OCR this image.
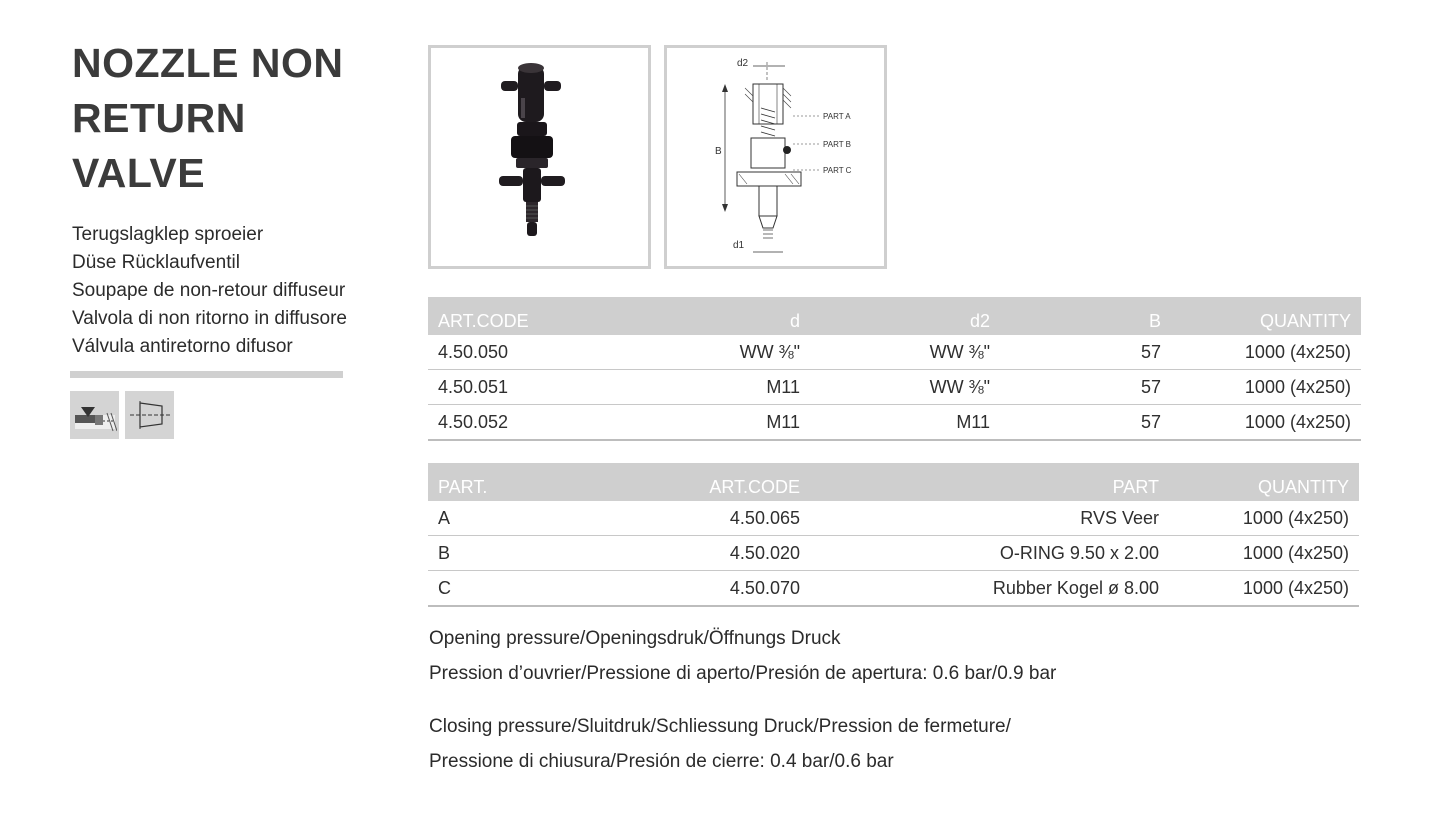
NOZZLE NON
RETURN
VALVE
Terugslagklep sproeier
Düse Rücklaufventil
Soupape de non-retour diffuseur
Valvola di non ritorno in diffusore
Válvula antiretorno difusor
d2
B
d1
PART A
PART B
PART C
ART.CODE	d	d2	B	QUANTITY
4.50.050	WW ⅜"	WW ⅜"	57	1000 (4x250)
4.50.051	M11	WW ⅜"	57	1000 (4x250)
4.50.052	M11	M11	57	1000 (4x250)
PART.	ART.CODE	PART	QUANTITY
A	4.50.065	RVS Veer	1000 (4x250)
B	4.50.020	O-RING 9.50 x 2.00	1000 (4x250)
C	4.50.070	Rubber Kogel ø 8.00	1000 (4x250)
Opening pressure/Openingsdruk/Öffnungs Druck
Pression d’ouvrier/Pressione di aperto/Presión de apertura: 0.6 bar/0.9 bar
Closing pressure/Sluitdruk/Schliessung Druck/Pression de fermeture/
Pressione di chiusura/Presión de cierre: 0.4 bar/0.6 bar
